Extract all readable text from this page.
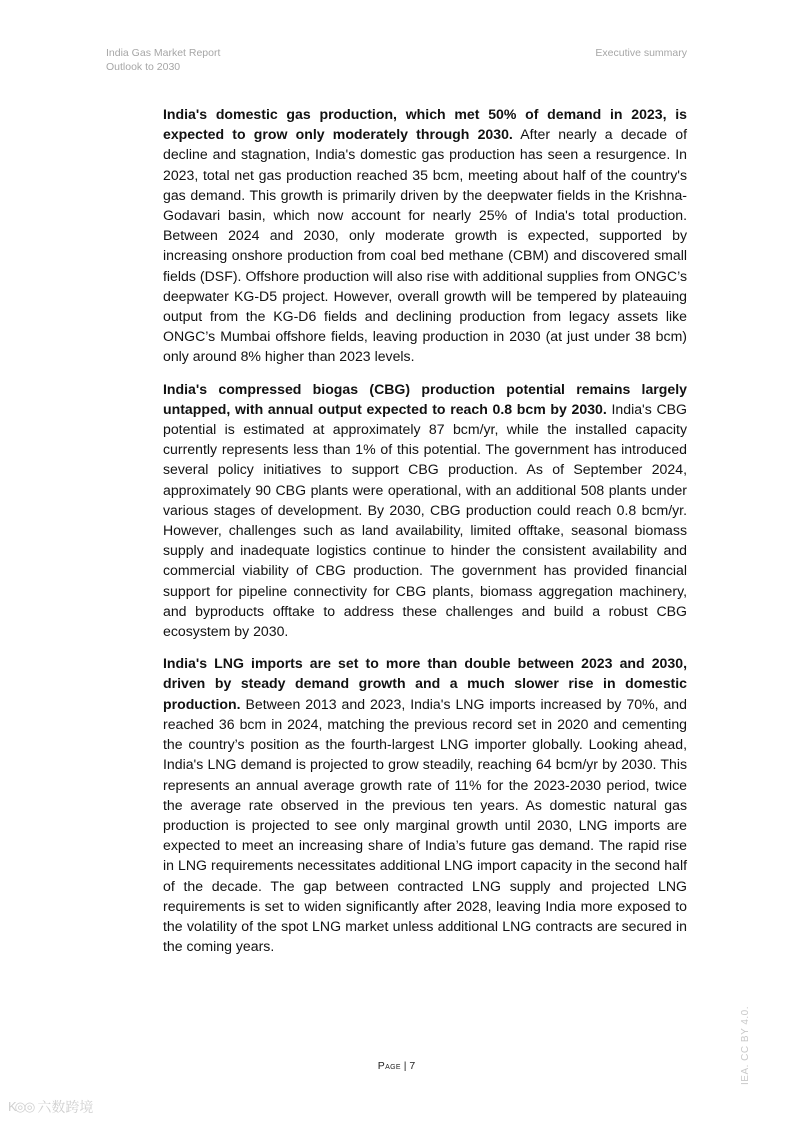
India Gas Market Report
Outlook to 2030
Executive summary

India's domestic gas production, which met 50% of demand in 2023, is expected to grow only moderately through 2030. After nearly a decade of decline and stagnation, India's domestic gas production has seen a resurgence. In 2023, total net gas production reached 35 bcm, meeting about half of the country's gas demand. This growth is primarily driven by the deepwater fields in the Krishna-Godavari basin, which now account for nearly 25% of India's total production. Between 2024 and 2030, only moderate growth is expected, supported by increasing onshore production from coal bed methane (CBM) and discovered small fields (DSF). Offshore production will also rise with additional supplies from ONGC’s deepwater KG-D5 project. However, overall growth will be tempered by plateauing output from the KG-D6 fields and declining production from legacy assets like ONGC’s Mumbai offshore fields, leaving production in 2030 (at just under 38 bcm) only around 8% higher than 2023 levels.

India's compressed biogas (CBG) production potential remains largely untapped, with annual output expected to reach 0.8 bcm by 2030. India's CBG potential is estimated at approximately 87 bcm/yr, while the installed capacity currently represents less than 1% of this potential. The government has introduced several policy initiatives to support CBG production. As of September 2024, approximately 90 CBG plants were operational, with an additional 508 plants under various stages of development. By 2030, CBG production could reach 0.8 bcm/yr. However, challenges such as land availability, limited offtake, seasonal biomass supply and inadequate logistics continue to hinder the consistent availability and commercial viability of CBG production. The government has provided financial support for pipeline connectivity for CBG plants, biomass aggregation machinery, and byproducts offtake to address these challenges and build a robust CBG ecosystem by 2030.

India's LNG imports are set to more than double between 2023 and 2030, driven by steady demand growth and a much slower rise in domestic production. Between 2013 and 2023, India's LNG imports increased by 70%, and reached 36 bcm in 2024, matching the previous record set in 2020 and cementing the country’s position as the fourth-largest LNG importer globally. Looking ahead, India's LNG demand is projected to grow steadily, reaching 64 bcm/yr by 2030. This represents an annual average growth rate of 11% for the 2023-2030 period, twice the average rate observed in the previous ten years. As domestic natural gas production is projected to see only marginal growth until 2030, LNG imports are expected to meet an increasing share of India’s future gas demand. The rapid rise in LNG requirements necessitates additional LNG import capacity in the second half of the decade. The gap between contracted LNG supply and projected LNG requirements is set to widen significantly after 2028, leaving India more exposed to the volatility of the spot LNG market unless additional LNG contracts are secured in the coming years.

Page | 7	IEA. CC BY 4.0.
K◎◎ 六数跨境
